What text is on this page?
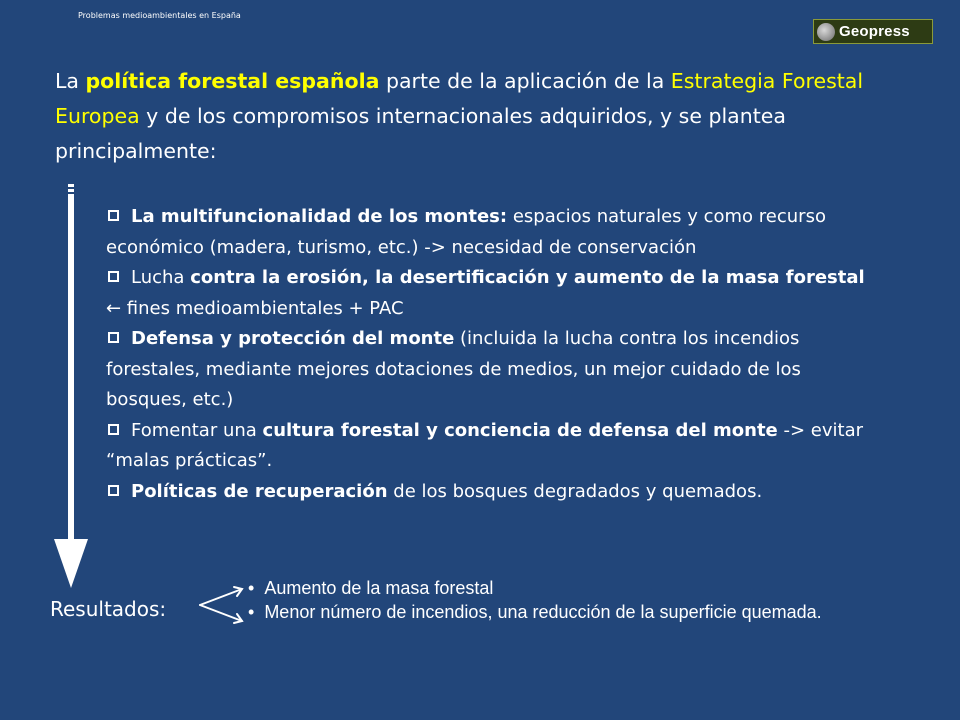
Problemas medioambientales en España
Geopress

La política forestal española parte de la aplicación de la Estrategia Forestal Europea y de los compromisos internacionales adquiridos, y se plantea principalmente:

La multifuncionalidad de los montes: espacios naturales y como recurso económico (madera, turismo, etc.) -> necesidad de conservación
Lucha contra la erosión, la desertificación y aumento de la masa forestal ← fines medioambientales + PAC
Defensa y protección del monte (incluida la lucha contra los incendios forestales, mediante mejores dotaciones de medios, un mejor cuidado de los bosques, etc.)
Fomentar una cultura forestal y conciencia de defensa del monte -> evitar “malas prácticas”.
Políticas de recuperación de los bosques degradados y quemados.
Resultados:
• Aumento de la masa forestal
• Menor número de incendios, una reducción de la superficie quemada.
